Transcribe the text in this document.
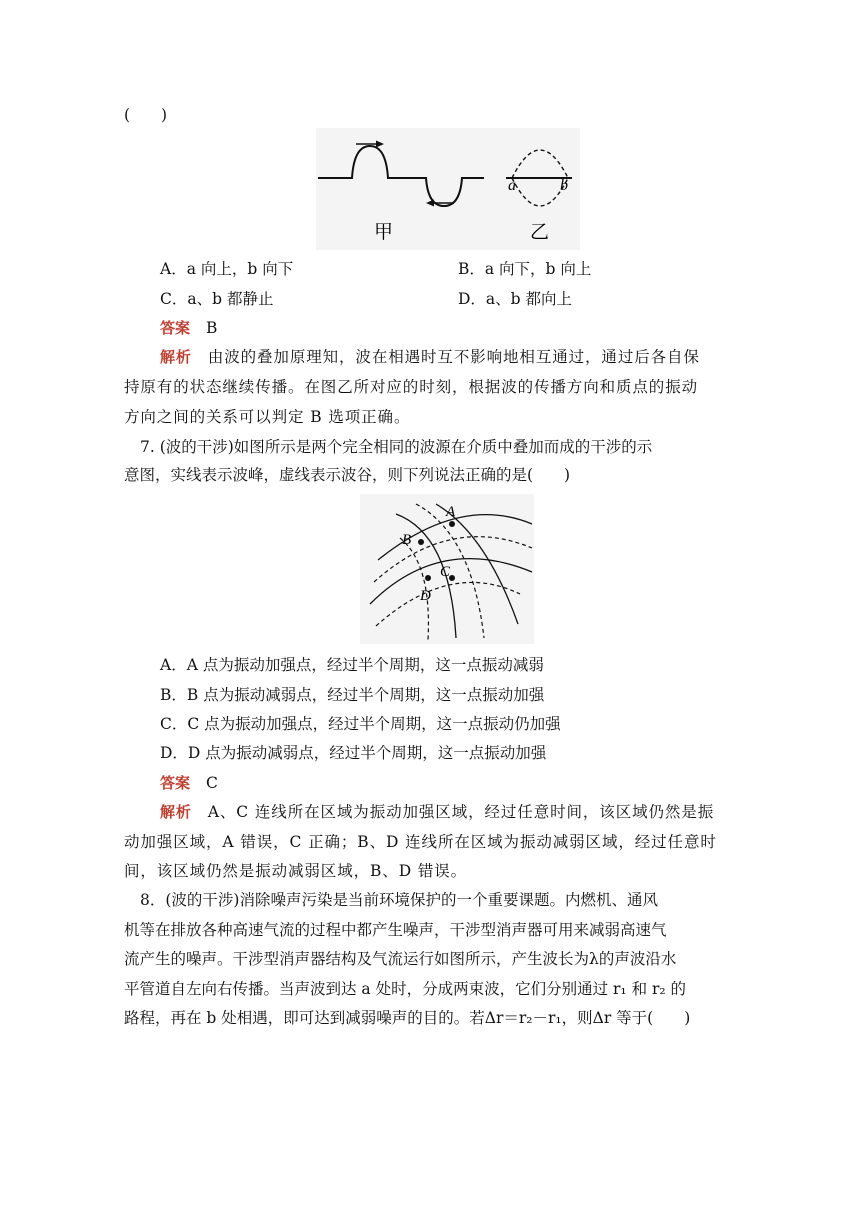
(　　)
a	b
甲	乙
A．a 向上，b 向下	B．a 向下，b 向上
C．a、b 都静止	D．a、b 都向上
答案 B
解析 由波的叠加原理知，波在相遇时互不影响地相互通过，通过后各自保
持原有的状态继续传播。在图乙所对应的时刻，根据波的传播方向和质点的振动
方向之间的关系可以判定 B 选项正确。
7. (波的干涉)如图所示是两个完全相同的波源在介质中叠加而成的干涉的示
意图，实线表示波峰，虚线表示波谷，则下列说法正确的是(　　)
A
B
C
D
A．A 点为振动加强点，经过半个周期，这一点振动减弱
B．B 点为振动减弱点，经过半个周期，这一点振动加强
C．C 点为振动加强点，经过半个周期，这一点振动仍加强
D．D 点为振动减弱点，经过半个周期，这一点振动加强
答案 C
解析 A、C 连线所在区域为振动加强区域，经过任意时间，该区域仍然是振
动加强区域，A 错误，C 正确；B、D 连线所在区域为振动减弱区域，经过任意时
间，该区域仍然是振动减弱区域，B、D 错误。
8．(波的干涉)消除噪声污染是当前环境保护的一个重要课题。内燃机、通风
机等在排放各种高速气流的过程中都产生噪声，干涉型消声器可用来减弱高速气
流产生的噪声。干涉型消声器结构及气流运行如图所示，产生波长为λ的声波沿水
平管道自左向右传播。当声波到达 a 处时，分成两束波，它们分别通过 r₁ 和 r₂ 的
路程，再在 b 处相遇，即可达到减弱噪声的目的。若Δr＝r₂－r₁，则Δr 等于(　　)
